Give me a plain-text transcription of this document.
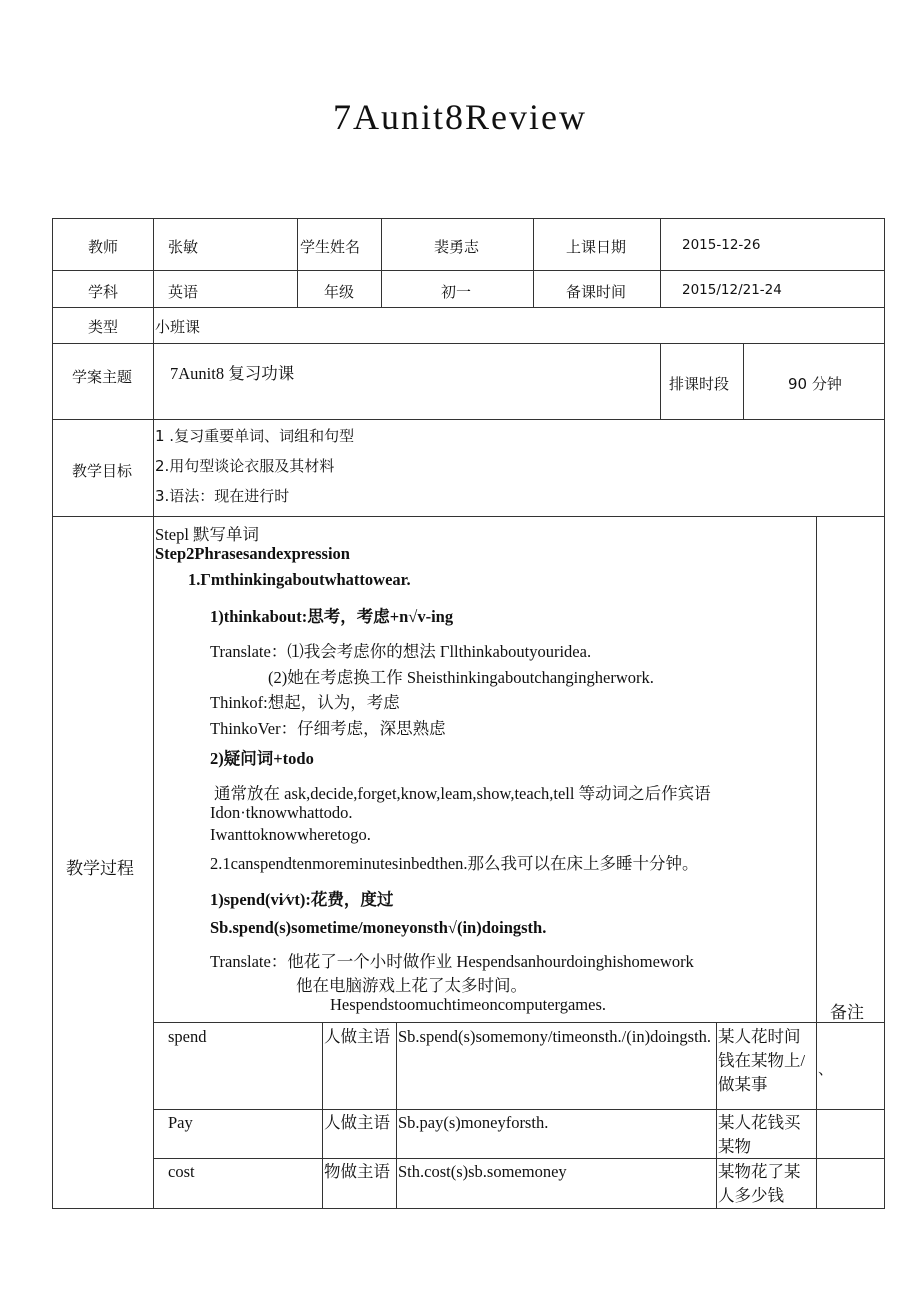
7Aunit8Review
教师	张敏	学生姓名	裴勇志	上课日期	2015-12-26
学科	英语	年级	初一	备课时间	2015/12/21-24
类型 小班课
学案主题 7Aunit8 复习功课
排课时段	90 分钟
教学目标
1 .复习重要单词、词组和句型
2.用句型谈论衣服及其材料
3.语法：现在进行时
教学过程
备注
、
Stepl 默写单词
Step2Phrasesandexpression
1.Γmthinkingaboutwhattowear.
1)thinkabout:思考，考虑+n√v-ing
Translate：⑴我会考虑你的想法 Γllthinkaboutyouridea.
(2)她在考虑换工作 Sheisthinkingaboutchangingherwork.
Thinkof:想起，认为，考虑
ThinkoVer：仔细考虑，深思熟虑
2)疑问词+todo
通常放在 ask,decide,forget,know,leam,show,teach,tell 等动词之后作宾语
Idon·tknowwhattodo.
Iwanttoknowwheretogo.
2.1canspendtenmoreminutesinbedthen.那么我可以在床上多睡十分钟。
1)spend(vi∕vt):花费，度过
Sb.spend(s)sometime/moneyonsth√(in)doingsth.
Translate：他花了一个小时做作业 Hespendsanhourdoinghishomework
他在电脑游戏上花了太多时间。
Hespendstoomuchtimeoncomputergames.
spend	人做主语 Sb.spend(s)somemony/timeonsth./(in)doingsth. 某人花时间钱在某物上/做某事
Pay	人做主语 Sb.pay(s)moneyforsth.	某人花钱买某物
cost	物做主语 Sth.cost(s)sb.somemoney	某物花了某人多少钱
